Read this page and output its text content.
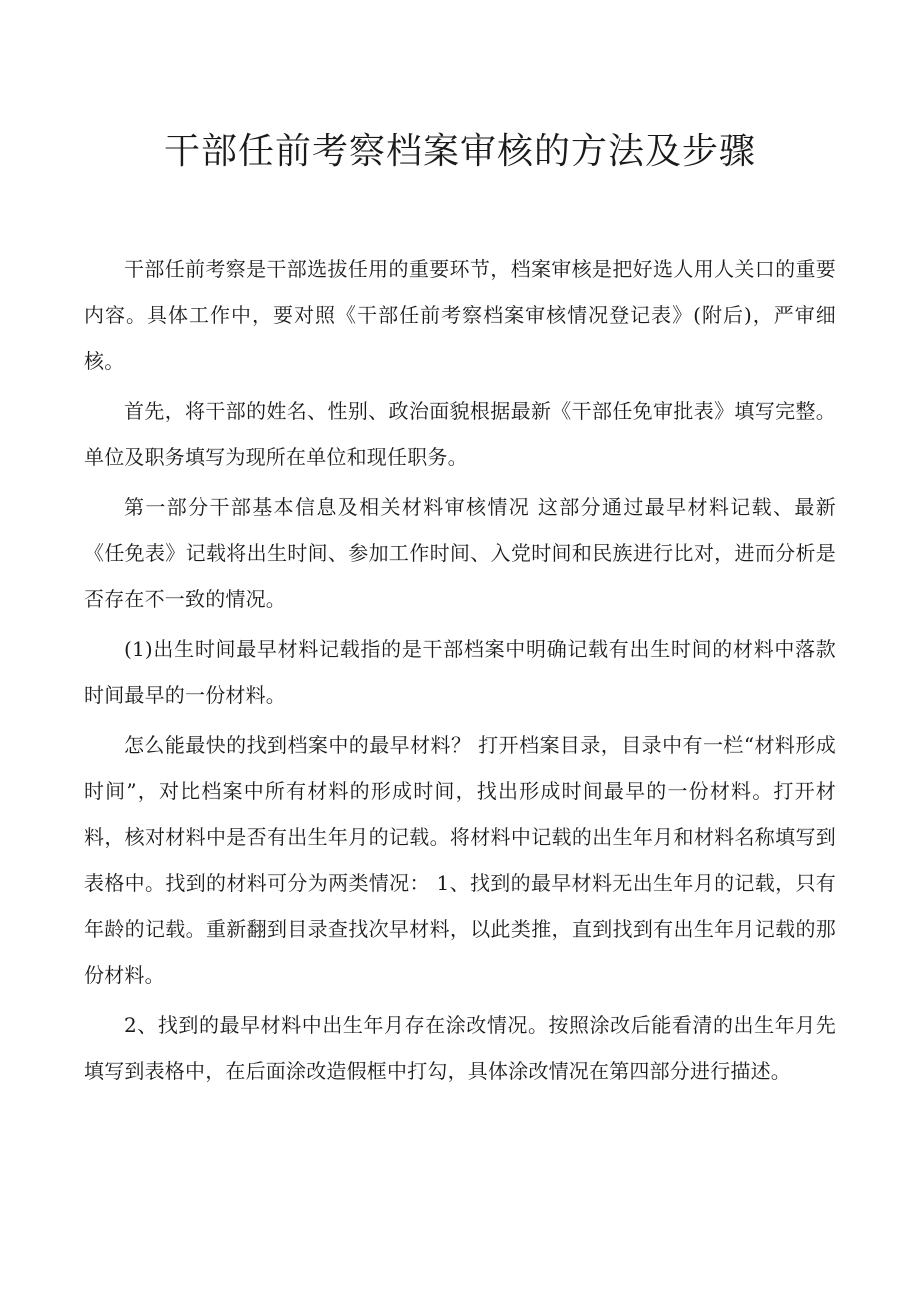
干部任前考察档案审核的方法及步骤

干部任前考察是干部选拔任用的重要环节，档案审核是把好选人用人关口的重要内容。具体工作中，要对照《干部任前考察档案审核情况登记表》(附后)，严审细核。

首先，将干部的姓名、性别、政治面貌根据最新《干部任免审批表》填写完整。单位及职务填写为现所在单位和现任职务。

第一部分干部基本信息及相关材料审核情况 这部分通过最早材料记载、最新《任免表》记载将出生时间、参加工作时间、入党时间和民族进行比对，进而分析是否存在不一致的情况。

(1)出生时间最早材料记载指的是干部档案中明确记载有出生时间的材料中落款时间最早的一份材料。

怎么能最快的找到档案中的最早材料？ 打开档案目录，目录中有一栏“材料形成时间”，对比档案中所有材料的形成时间，找出形成时间最早的一份材料。打开材料，核对材料中是否有出生年月的记载。将材料中记载的出生年月和材料名称填写到表格中。找到的材料可分为两类情况： 1、找到的最早材料无出生年月的记载，只有年龄的记载。重新翻到目录查找次早材料，以此类推，直到找到有出生年月记载的那份材料。

2、找到的最早材料中出生年月存在涂改情况。按照涂改后能看清的出生年月先填写到表格中，在后面涂改造假框中打勾，具体涂改情况在第四部分进行描述。
